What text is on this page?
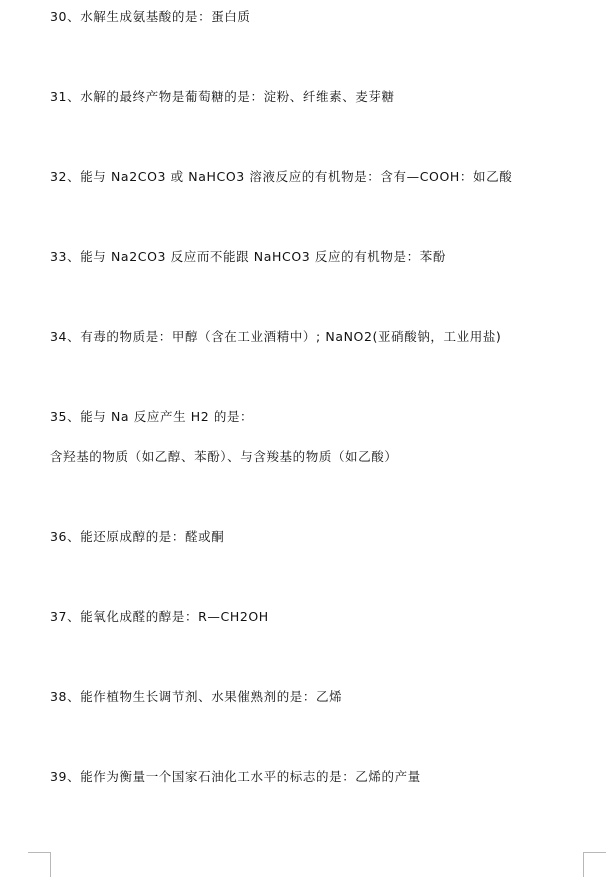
30、水解生成氨基酸的是：蛋白质
31、水解的最终产物是葡萄糖的是：淀粉、纤维素、麦芽糖
32、能与 Na2CO3 或 NaHCO3 溶液反应的有机物是：含有—COOH：如乙酸
33、能与 Na2CO3 反应而不能跟 NaHCO3 反应的有机物是：苯酚
34、有毒的物质是：甲醇（含在工业酒精中）; NaNO2(亚硝酸钠，工业用盐)
35、能与 Na 反应产生 H2 的是：
含羟基的物质（如乙醇、苯酚）、与含羧基的物质（如乙酸）
36、能还原成醇的是：醛或酮
37、能氧化成醛的醇是：R—CH2OH
38、能作植物生长调节剂、水果催熟剂的是：乙烯
39、能作为衡量一个国家石油化工水平的标志的是：乙烯的产量
